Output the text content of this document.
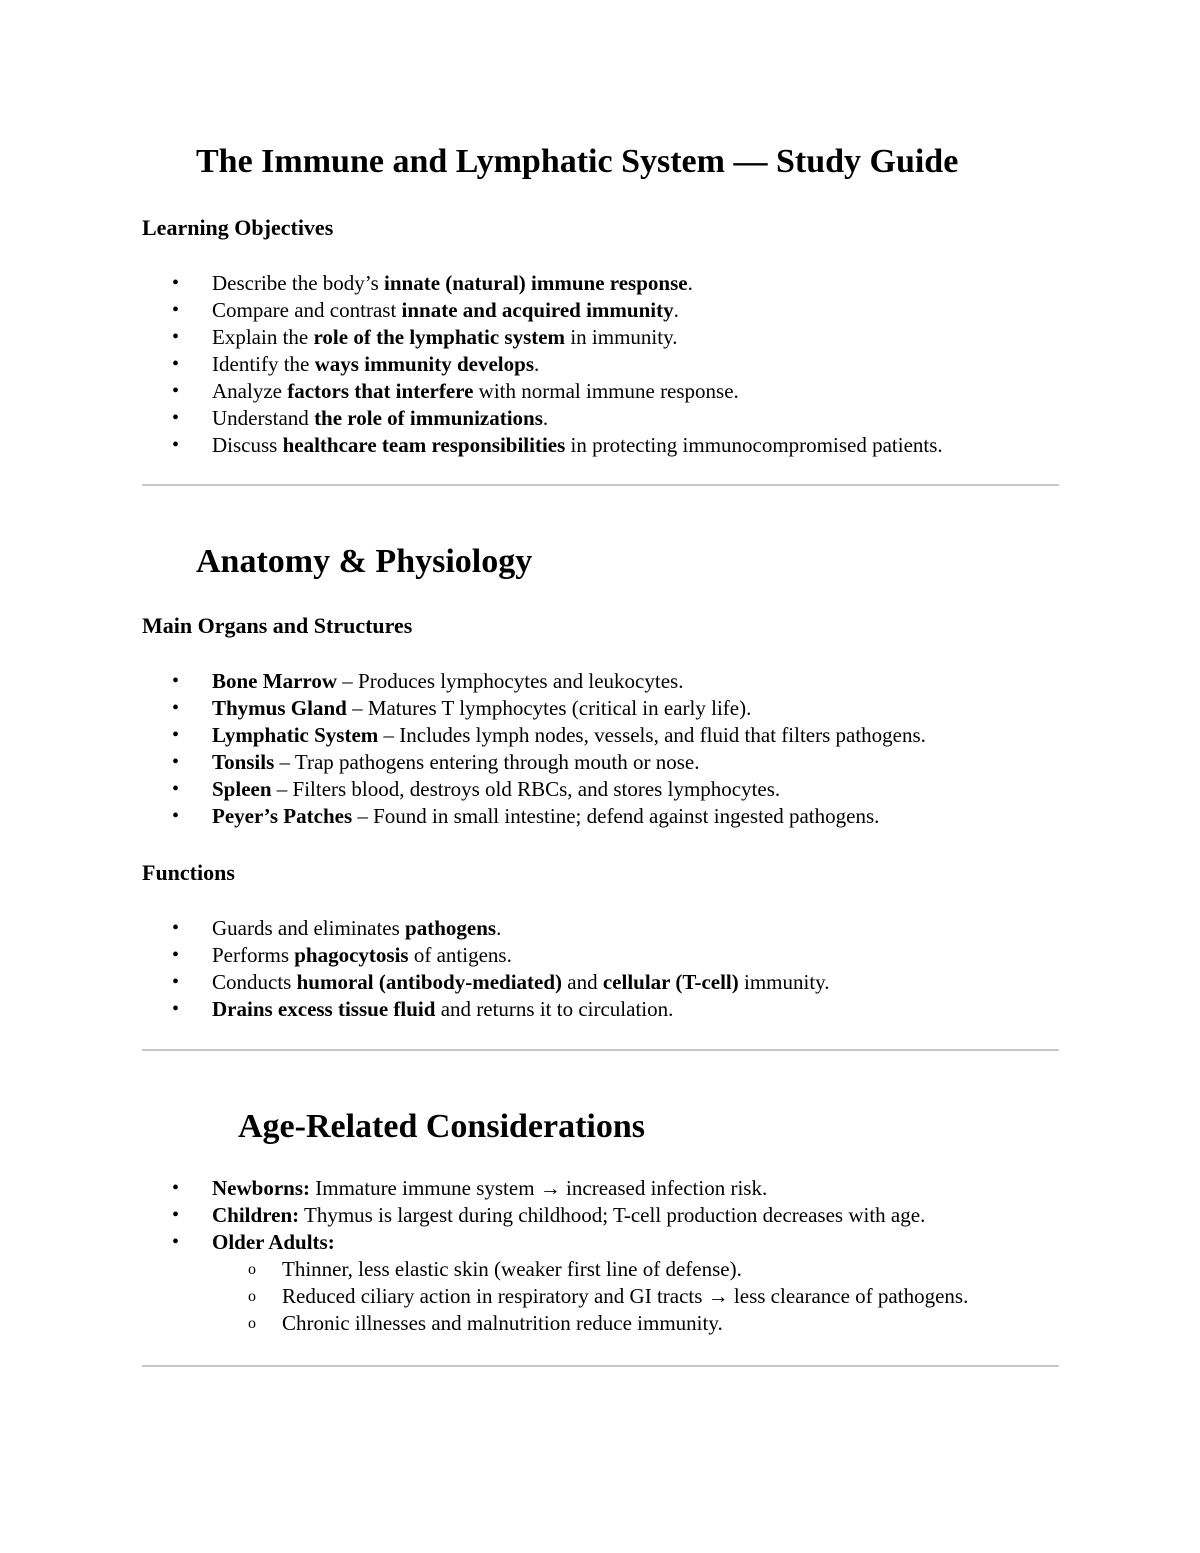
The Immune and Lymphatic System — Study Guide
Learning Objectives
• Describe the body’s innate (natural) immune response.
• Compare and contrast innate and acquired immunity.
• Explain the role of the lymphatic system in immunity.
• Identify the ways immunity develops.
• Analyze factors that interfere with normal immune response.
• Understand the role of immunizations.
• Discuss healthcare team responsibilities in protecting immunocompromised patients.
Anatomy & Physiology
Main Organs and Structures
• Bone Marrow – Produces lymphocytes and leukocytes.
• Thymus Gland – Matures T lymphocytes (critical in early life).
• Lymphatic System – Includes lymph nodes, vessels, and fluid that filters pathogens.
• Tonsils – Trap pathogens entering through mouth or nose.
• Spleen – Filters blood, destroys old RBCs, and stores lymphocytes.
• Peyer’s Patches – Found in small intestine; defend against ingested pathogens.
Functions
• Guards and eliminates pathogens.
• Performs phagocytosis of antigens.
• Conducts humoral (antibody-mediated) and cellular (T-cell) immunity.
• Drains excess tissue fluid and returns it to circulation.
Age-Related Considerations
• Newborns: Immature immune system → increased infection risk.
• Children: Thymus is largest during childhood; T-cell production decreases with age.
• Older Adults:
o Thinner, less elastic skin (weaker first line of defense).
o Reduced ciliary action in respiratory and GI tracts → less clearance of pathogens.
o Chronic illnesses and malnutrition reduce immunity.
